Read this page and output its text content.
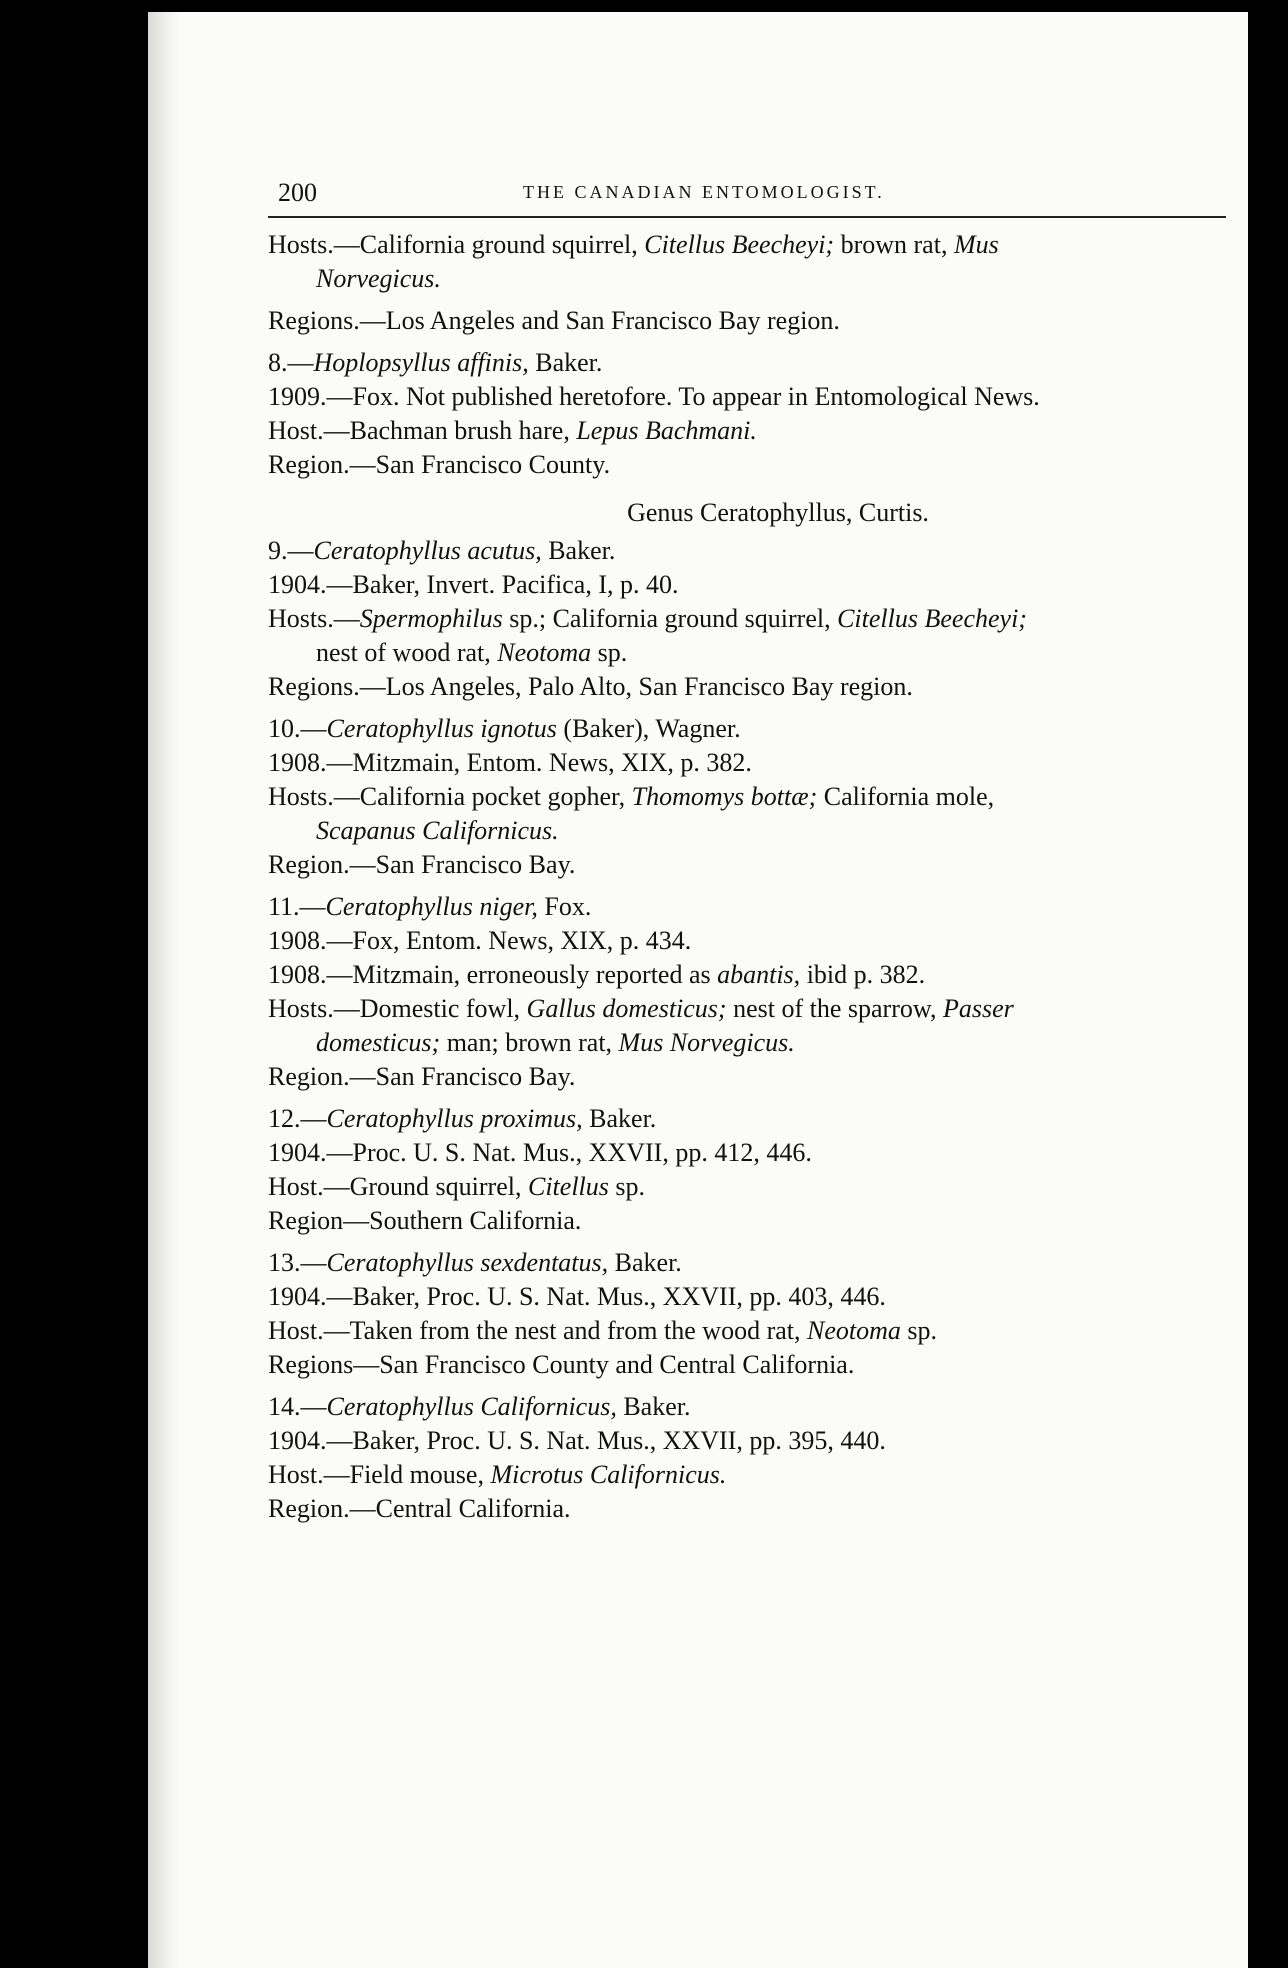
200	THE CANADIAN ENTOMOLOGIST.
Hosts.—California ground squirrel, Citellus Beecheyi; brown rat, Mus
Norvegicus.
Regions.—Los Angeles and San Francisco Bay region.
8.—Hoplopsyllus affinis, Baker.
1909.—Fox. Not published heretofore. To appear in Entomological News.
Host.—Bachman brush hare, Lepus Bachmani.
Region.—San Francisco County.
Genus Ceratophyllus, Curtis.
9.—Ceratophyllus acutus, Baker.
1904.—Baker, Invert. Pacifica, I, p. 40.
Hosts.—Spermophilus sp.; California ground squirrel, Citellus Beecheyi;
nest of wood rat, Neotoma sp.
Regions.—Los Angeles, Palo Alto, San Francisco Bay region.
10.—Ceratophyllus ignotus (Baker), Wagner.
1908.—Mitzmain, Entom. News, XIX, p. 382.
Hosts.—California pocket gopher, Thomomys bottæ; California mole,
Scapanus Californicus.
Region.—San Francisco Bay.
11.—Ceratophyllus niger, Fox.
1908.—Fox, Entom. News, XIX, p. 434.
1908.—Mitzmain, erroneously reported as abantis, ibid p. 382.
Hosts.—Domestic fowl, Gallus domesticus; nest of the sparrow, Passer
domesticus; man; brown rat, Mus Norvegicus.
Region.—San Francisco Bay.
12.—Ceratophyllus proximus, Baker.
1904.—Proc. U. S. Nat. Mus., XXVII, pp. 412, 446.
Host.—Ground squirrel, Citellus sp.
Region—Southern California.
13.—Ceratophyllus sexdentatus, Baker.
1904.—Baker, Proc. U. S. Nat. Mus., XXVII, pp. 403, 446.
Host.—Taken from the nest and from the wood rat, Neotoma sp.
Regions—San Francisco County and Central California.
14.—Ceratophyllus Californicus, Baker.
1904.—Baker, Proc. U. S. Nat. Mus., XXVII, pp. 395, 440.
Host.—Field mouse, Microtus Californicus.
Region.—Central California.
